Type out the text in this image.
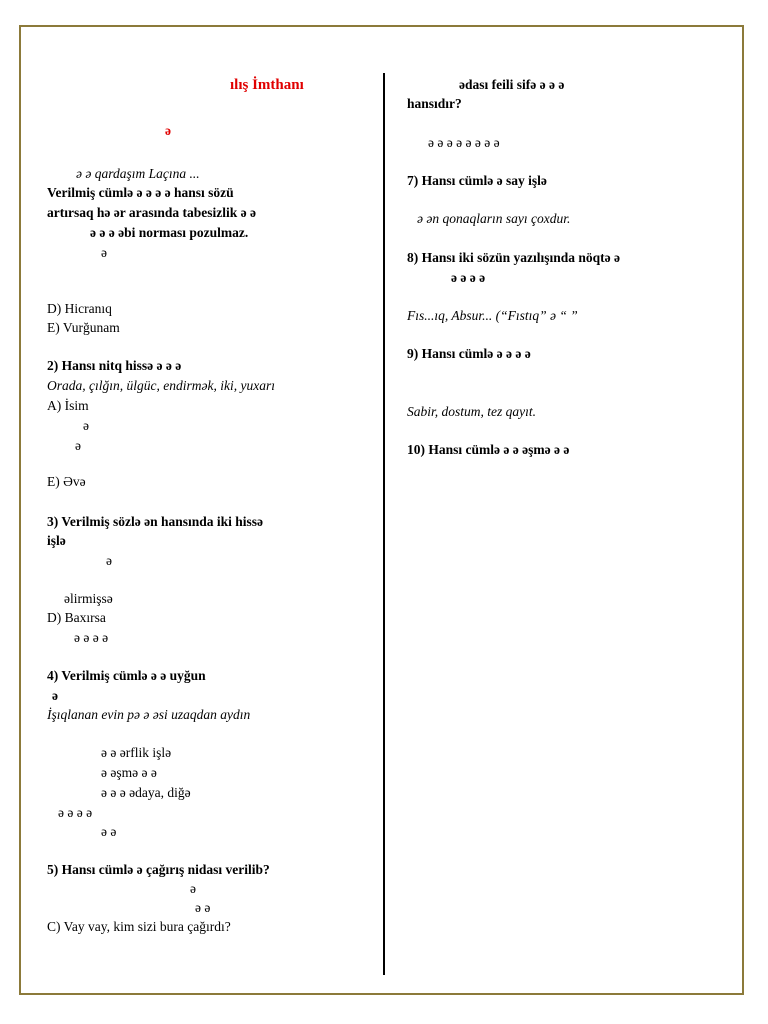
ılış İmthanı
ə
ə ə qardaşım Laçına ...
Verilmiş cümlə ə ə ə ə hansı sözü
artırsaq hə ər arasında tabesizlik ə ə
ə ə ə əbi norması pozulmaz.
ə
D) Hicranıq
E) Vurğunam
2) Hansı nitq hissə ə ə ə
Orada, çılğın, ülgüc, endirmək, iki, yuxarı
A) İsim
ə
ə
E) Əvə
3) Verilmiş sözlə ən hansında iki hissə
işlə
ə
əlirmişsə
D) Baxırsa
ə ə ə ə
4) Verilmiş cümlə ə ə uyğun
ə
İşıqlanan evin pə ə əsi uzaqdan aydın
ə ə ərflik işlə
ə əşmə ə ə
ə ə ə ədaya, diğə
ə ə ə ə
ə ə
5) Hansı cümlə ə çağırış nidası verilib?
ə
ə ə
C) Vay vay, kim sizi bura çağırdı?
ədası feili sifə ə ə ə
hansıdır?
ə ə ə ə ə ə ə ə
7) Hansı cümlə ə say işlə
ə ən qonaqların sayı çoxdur.
8) Hansı iki sözün yazılışında nöqtə ə
ə ə ə ə
Fıs...ıq, Absur... (“Fıstıq” ə “ ”
9) Hansı cümlə ə ə ə ə
Sabir, dostum, tez qayıt.
10) Hansı cümlə ə ə əşmə ə ə
